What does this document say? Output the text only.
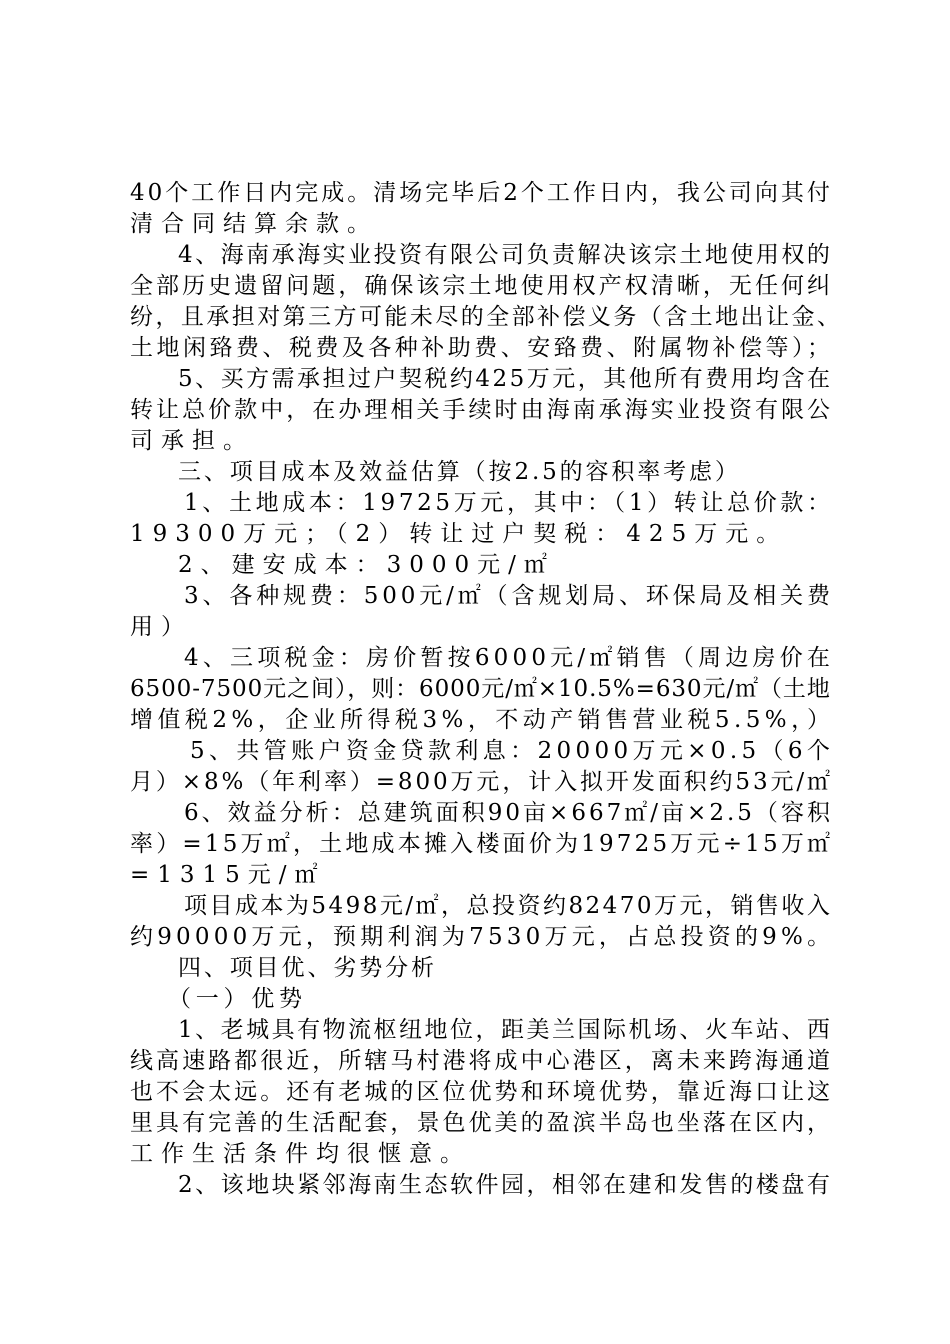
40个工作日内完成。清场完毕后2个工作日内，我公司向其付
清合同结算余款。
4、海南承海实业投资有限公司负责解决该宗土地使用权的
全部历史遗留问题，确保该宗土地使用权产权清晰，无任何纠
纷，且承担对第三方可能未尽的全部补偿义务（含土地出让金、
土地闲臵费、税费及各种补助费、安臵费、附属物补偿等）；
5、买方需承担过户契税约425万元，其他所有费用均含在
转让总价款中，在办理相关手续时由海南承海实业投资有限公
司承担。
三、项目成本及效益估算（按2.5的容积率考虑）
1、土地成本：19725万元，其中：（1）转让总价款：
19300万元；（2）转让过户契税：425万元。
2、建安成本：3000元/㎡
3、各种规费：500元/㎡（含规划局、环保局及相关费
用）
4、三项税金：房价暂按6000元/㎡销售（周边房价在
6500-7500元之间），则：6000元/㎡×10.5%=630元/㎡（土地
增值税2%，企业所得税3%，不动产销售营业税5.5%，）
5、共管账户资金贷款利息：20000万元×0.5（6个
月）×8%（年利率）=800万元，计入拟开发面积约53元/㎡
6、效益分析：总建筑面积90亩×667㎡/亩×2.5（容积
率）=15万㎡，土地成本摊入楼面价为19725万元÷15万㎡
=1315元/㎡
项目成本为5498元/㎡，总投资约82470万元，销售收入
约90000万元，预期利润为7530万元，占总投资的9%。
四、项目优、劣势分析
（一）优势
1、老城具有物流枢纽地位，距美兰国际机场、火车站、西
线高速路都很近，所辖马村港将成中心港区，离未来跨海通道
也不会太远。还有老城的区位优势和环境优势，靠近海口让这
里具有完善的生活配套，景色优美的盈滨半岛也坐落在区内，
工作生活条件均很惬意。
2、该地块紧邻海南生态软件园，相邻在建和发售的楼盘有
